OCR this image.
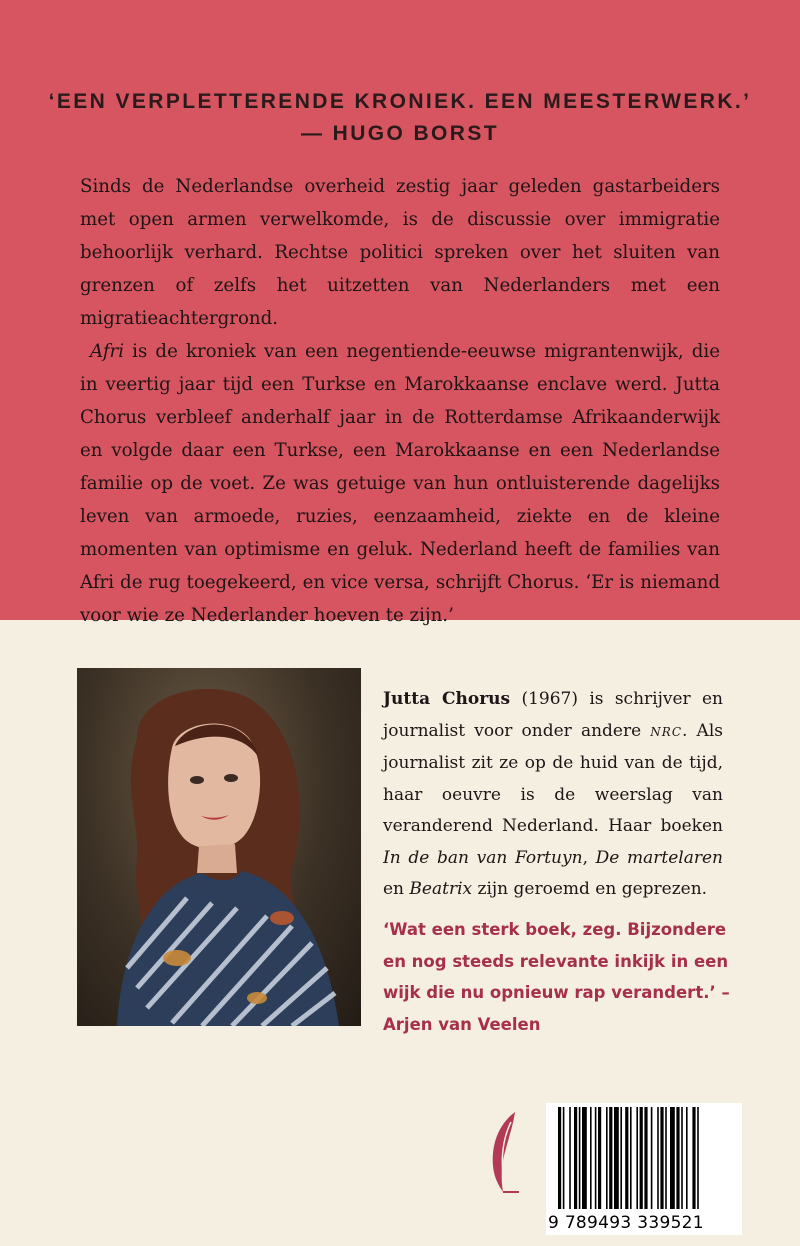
‘EEN VERPLETTERENDE KRONIEK. EEN MEESTERWERK.’
— HUGO BORST

Sinds de Nederlandse overheid zestig jaar geleden gastarbeiders met open armen verwelkomde, is de discussie over immigratie behoorlijk verhard. Rechtse politici spreken over het sluiten van grenzen of zelfs het uitzetten van Nederlanders met een migratieachtergrond.

Afri is de kroniek van een negentiende-eeuwse migrantenwijk, die in veertig jaar tijd een Turkse en Marokkaanse enclave werd. Jutta Chorus verbleef anderhalf jaar in de Rotterdamse Afrikaanderwijk en volgde daar een Turkse, een Marokkaanse en een Nederlandse familie op de voet. Ze was getuige van hun ontluisterende dagelijks leven van armoede, ruzies, eenzaamheid, ziekte en de kleine momenten van optimisme en geluk. Nederland heeft de families van Afri de rug toegekeerd, en vice versa, schrijft Chorus. ‘Er is niemand voor wie ze Nederlander hoeven te zijn.’

Jutta Chorus (1967) is schrijver en journalist voor onder andere NRC. Als journalist zit ze op de huid van de tijd, haar oeuvre is de weerslag van veranderend Nederland. Haar boeken In de ban van Fortuyn, De martelaren en Beatrix zijn geroemd en geprezen.
‘Wat een sterk boek, zeg. Bijzondere en nog steeds relevante inkijk in een wijk die nu opnieuw rap verandert.’ – Arjen van Veelen
9 789493 339521
